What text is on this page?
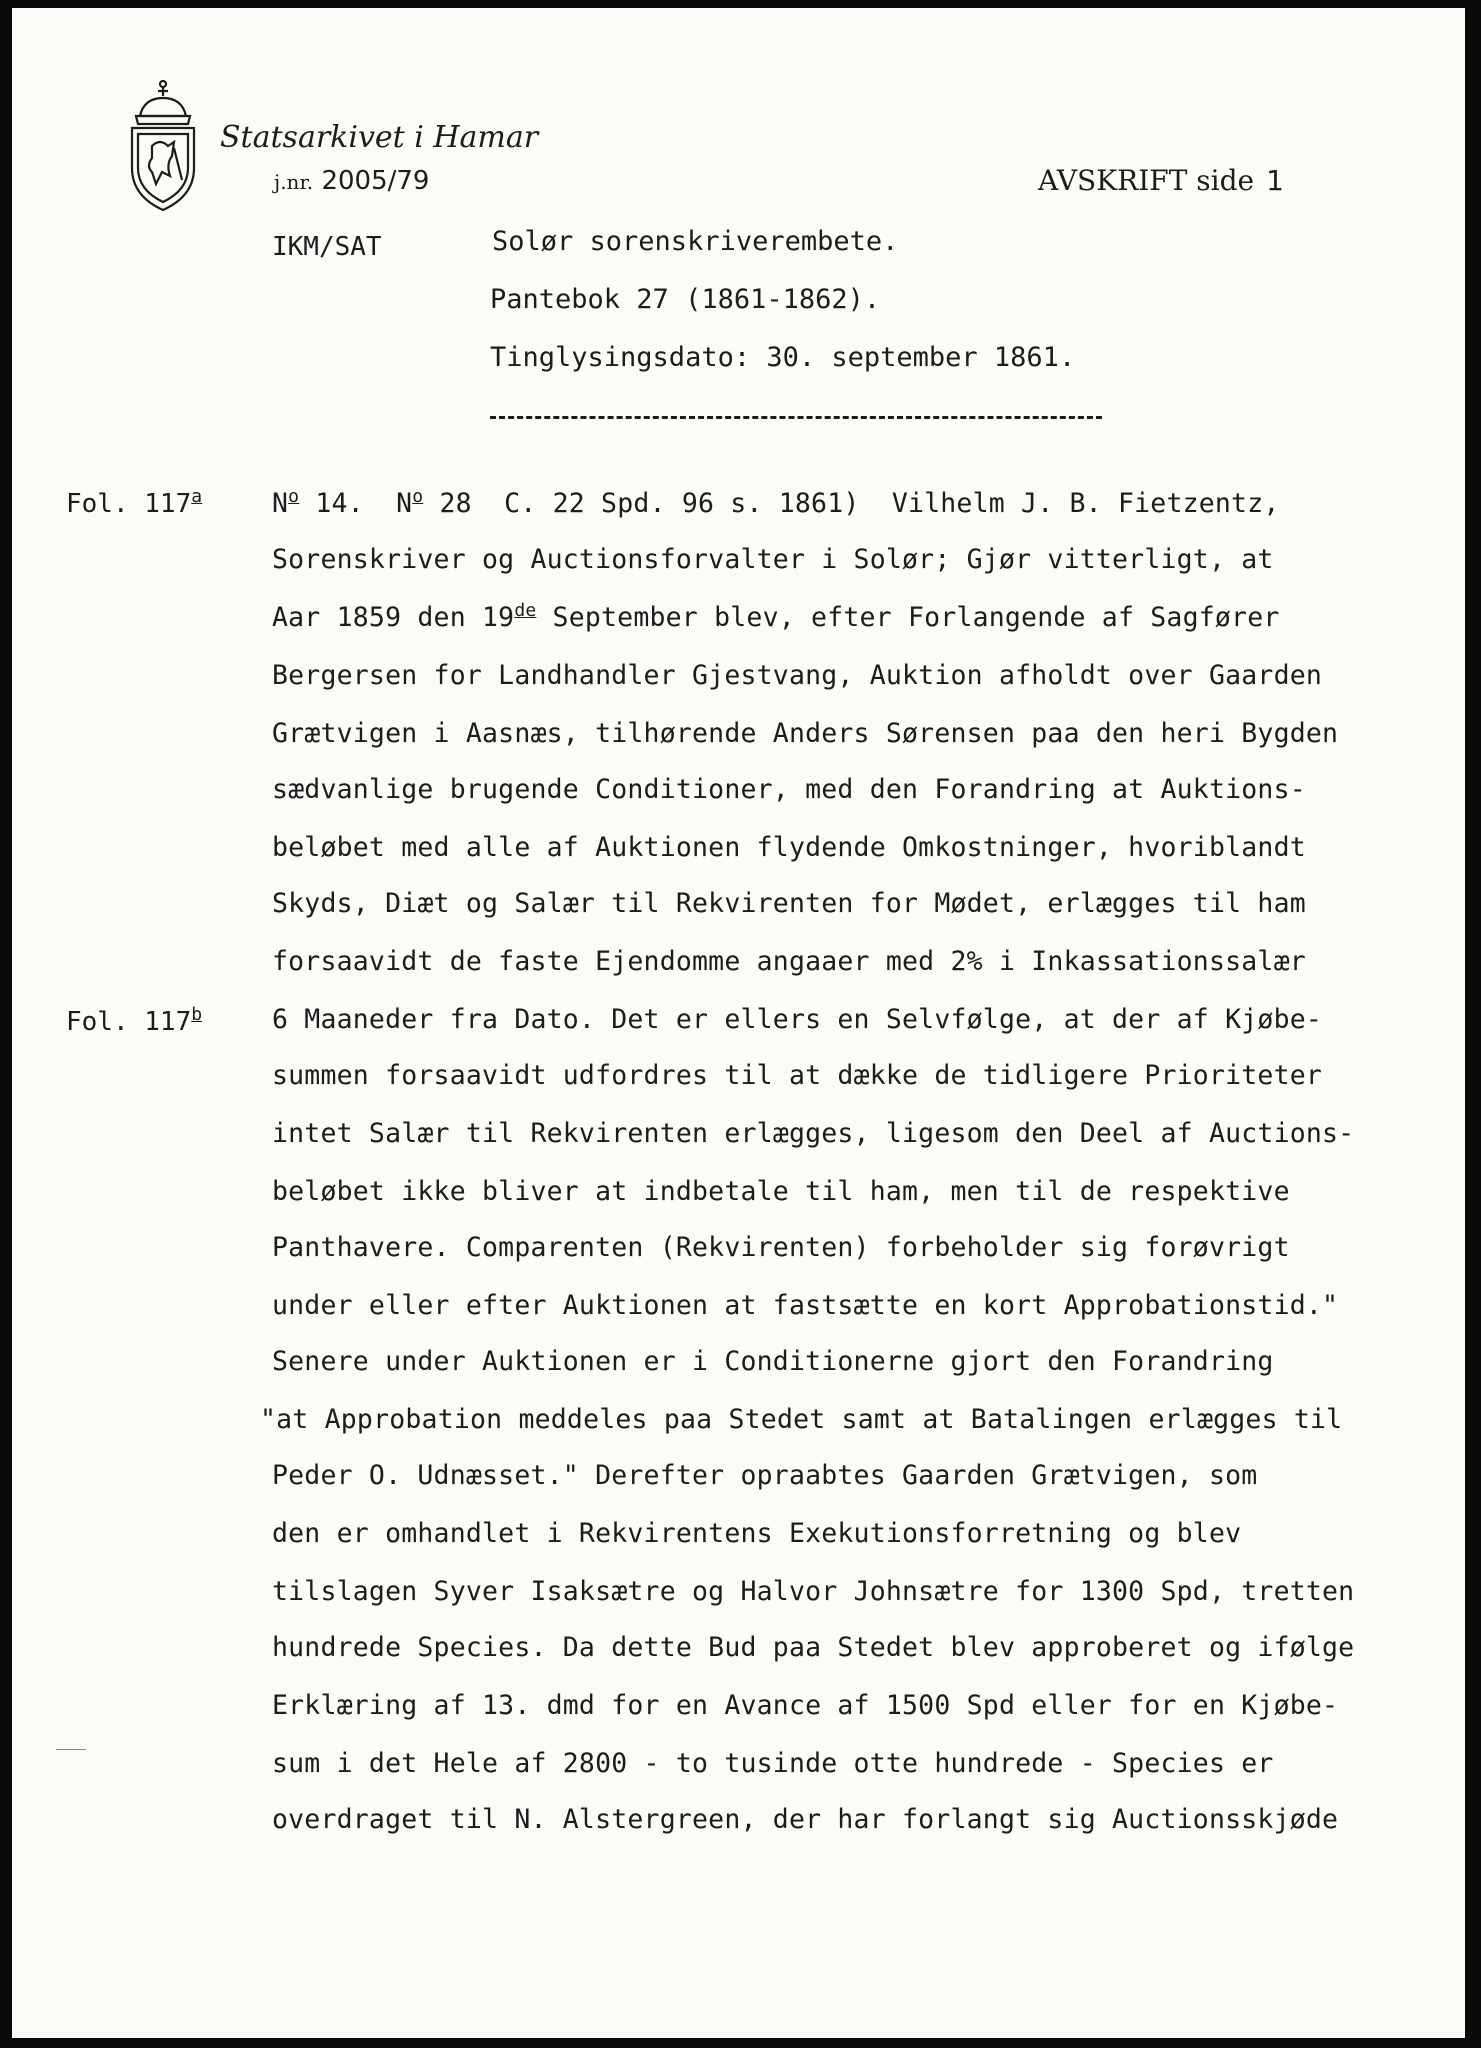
Statsarkivet i Hamar
j.nr. 2005/79	AVSKRIFT side 1
IKM/SAT	Solør sorenskriverembete.
Pantebok 27 (1861-1862).
Tinglysingsdato: 30. september 1861.
Fol. 117$^a$
Fol. 117$^b$
$N^o$ 14.  $N^o$ 28  C. 22 Spd. 96 s. 1861)  Vilhelm J. B. Fietzentz,
Sorenskriver og Auctionsforvalter i Solør; Gjør vitterligt, at
Aar 1859 den 19de September blev, efter Forlangende af Sagfører
Bergersen for Landhandler Gjestvang, Auktion afholdt over Gaarden
Grætvigen i Aasnæs, tilhørende Anders Sørensen paa den heri Bygden
sædvanlige brugende Conditioner, med den Forandring at Auktions-
beløbet med alle af Auktionen flydende Omkostninger, hvoriblandt
Skyds, Diæt og Salær til Rekvirenten for Mødet, erlægges til ham
forsaavidt de faste Ejendomme angaaer med 2% i Inkassationssalær
6 Maaneder fra Dato. Det er ellers en Selvfølge, at der af Kjøbe-
summen forsaavidt udfordres til at dække de tidligere Prioriteter
intet Salær til Rekvirenten erlægges, ligesom den Deel af Auctions-
beløbet ikke bliver at indbetale til ham, men til de respektive
Panthavere. Comparenten (Rekvirenten) forbeholder sig forøvrigt
under eller efter Auktionen at fastsætte en kort Approbationstid."
Senere under Auktionen er i Conditionerne gjort den Forandring
"at Approbation meddeles paa Stedet samt at Batalingen erlægges til
Peder O. Udnæsset." Derefter opraabtes Gaarden Grætvigen, som
den er omhandlet i Rekvirentens Exekutionsforretning og blev
tilslagen Syver Isaksætre og Halvor Johnsætre for 1300 Spd, tretten
hundrede Species. Da dette Bud paa Stedet blev approberet og ifølge
Erklæring af 13. dmd for en Avance af 1500 Spd eller for en Kjøbe-
sum i det Hele af 2800 - to tusinde otte hundrede - Species er
overdraget til N. Alstergreen, der har forlangt sig Auctionsskjøde
